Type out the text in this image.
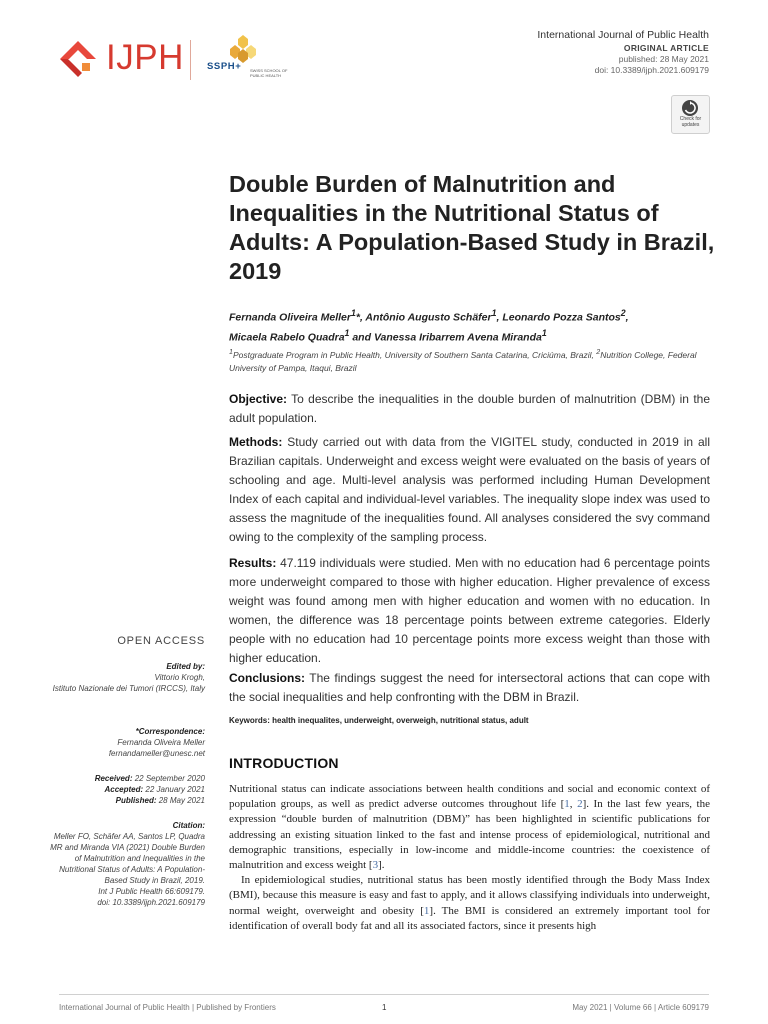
IJPH SSPH+ SWISS SCHOOL OF PUBLIC HEALTH
International Journal of Public Health
ORIGINAL ARTICLE
published: 28 May 2021
doi: 10.3389/ijph.2021.609179
Check for updates
Double Burden of Malnutrition and Inequalities in the Nutritional Status of Adults: A Population-Based Study in Brazil, 2019
Fernanda Oliveira Meller$^1$*, Antônio Augusto Schäfer$^1$, Leonardo Pozza Santos$^2$,
Micaela Rabelo Quadra$^1$ and Vanessa Iribarrem Avena Miranda$^1$
$^1$Postgraduate Program in Public Health, University of Southern Santa Catarina, Criciúma, Brazil, $^2$Nutrition College, Federal University of Pampa, Itaqui, Brazil
Objective: To describe the inequalities in the double burden of malnutrition (DBM) in the adult population.
Methods: Study carried out with data from the VIGITEL study, conducted in 2019 in all Brazilian capitals. Underweight and excess weight were evaluated on the basis of years of schooling and age. Multi-level analysis was performed including Human Development Index of each capital and individual-level variables. The inequality slope index was used to assess the magnitude of the inequalities found. All analyses considered the svy command owing to the complexity of the sampling process.
Results: 47.119 individuals were studied. Men with no education had 6 percentage points more underweight compared to those with higher education. Higher prevalence of excess weight was found among men with higher education and women with no education. In women, the difference was 18 percentage points between extreme categories. Elderly people with no education had 10 percentage points more excess weight than those with higher education.
Conclusions: The findings suggest the need for intersectoral actions that can cope with the social inequalities and help confronting with the DBM in Brazil.
Keywords: health inequalites, underweight, overweigh, nutritional status, adult
INTRODUCTION

Nutritional status can indicate associations between health conditions and social and economic context of population groups, as well as predict adverse outcomes throughout life [1, 2]. In the last few years, the expression “double burden of malnutrition (DBM)” has been highlighted in scientific publications for addressing an existing situation linked to the fast and intense process of epidemiological, nutritional and demographic transitions, especially in low-income and middle-income countries: the coexistence of malnutrition and excess weight [3].

In epidemiological studies, nutritional status has been mostly identified through the Body Mass Index (BMI), because this measure is easy and fast to apply, and it allows classifying individuals into underweight, normal weight, overweight and obesity [1]. The BMI is considered an extremely important tool for identification of overall body fat and all its associated factors, since it presents high

OPEN ACCESS
Edited by:
Vittorio Krogh,
Istituto Nazionale dei Tumori (IRCCS), Italy
*Correspondence:
Fernanda Oliveira Meller
fernandameller@unesc.net
Received: 22 September 2020
Accepted: 22 January 2021
Published: 28 May 2021
Citation:
Meller FO, Schäfer AA, Santos LP, Quadra MR and Miranda VIA (2021) Double Burden of Malnutrition and Inequalities in the Nutritional Status of Adults: A Population-Based Study in Brazil, 2019.
Int J Public Health 66:609179.
doi: 10.3389/ijph.2021.609179
International Journal of Public Health | Published by Frontiers	1	May 2021 | Volume 66 | Article 609179
